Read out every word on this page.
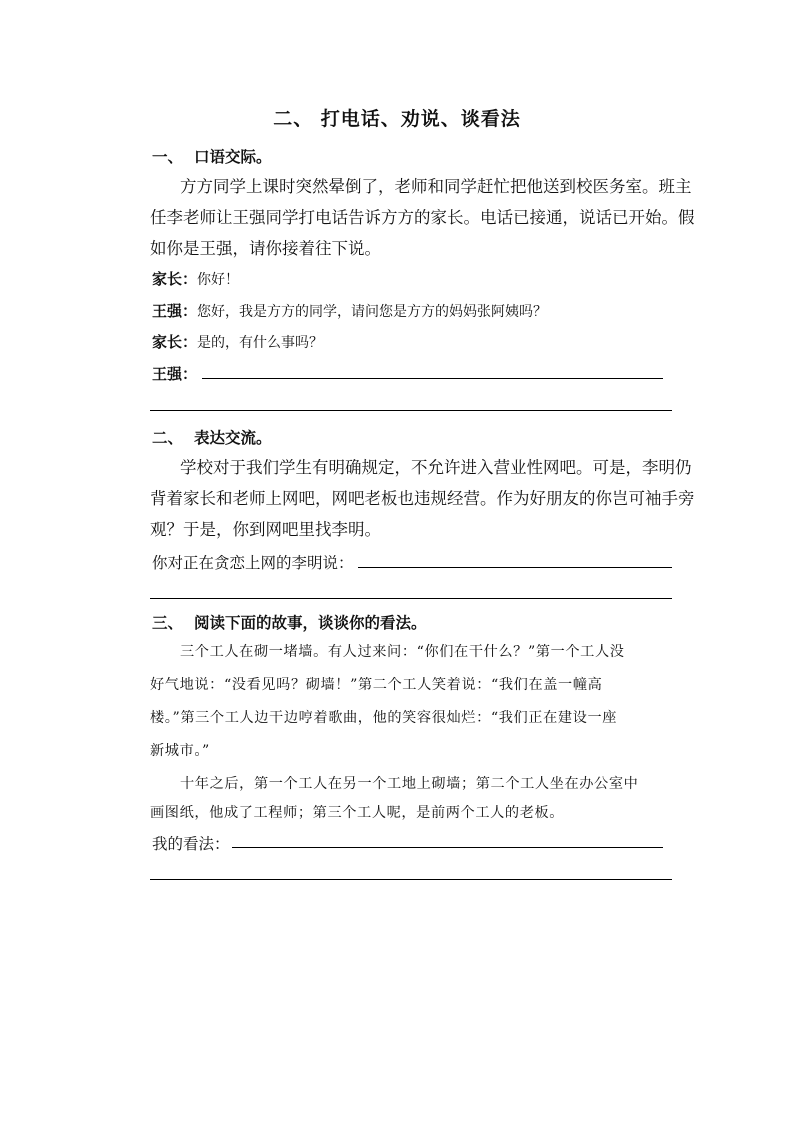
二、 打电话、劝说、谈看法
一、 口语交际。
方方同学上课时突然晕倒了，老师和同学赶忙把他送到校医务室。班主
任李老师让王强同学打电话告诉方方的家长。电话已接通，说话已开始。假
如你是王强，请你接着往下说。
家长：你好！
王强：您好，我是方方的同学，请问您是方方的妈妈张阿姨吗？
家长：是的，有什么事吗？
王强：
二、 表达交流。
学校对于我们学生有明确规定，不允许进入营业性网吧。可是，李明仍
背着家长和老师上网吧，网吧老板也违规经营。作为好朋友的你岂可袖手旁
观？于是，你到网吧里找李明。
你对正在贪恋上网的李明说：
三、 阅读下面的故事，谈谈你的看法。
三个工人在砌一堵墙。有人过来问：“你们在干什么？”第一个工人没
好气地说：“没看见吗？砌墙！”第二个工人笑着说：“我们在盖一幢高
楼。”第三个工人边干边哼着歌曲，他的笑容很灿烂：“我们正在建设一座
新城市。”
十年之后，第一个工人在另一个工地上砌墙；第二个工人坐在办公室中
画图纸，他成了工程师；第三个工人呢，是前两个工人的老板。
我的看法：
